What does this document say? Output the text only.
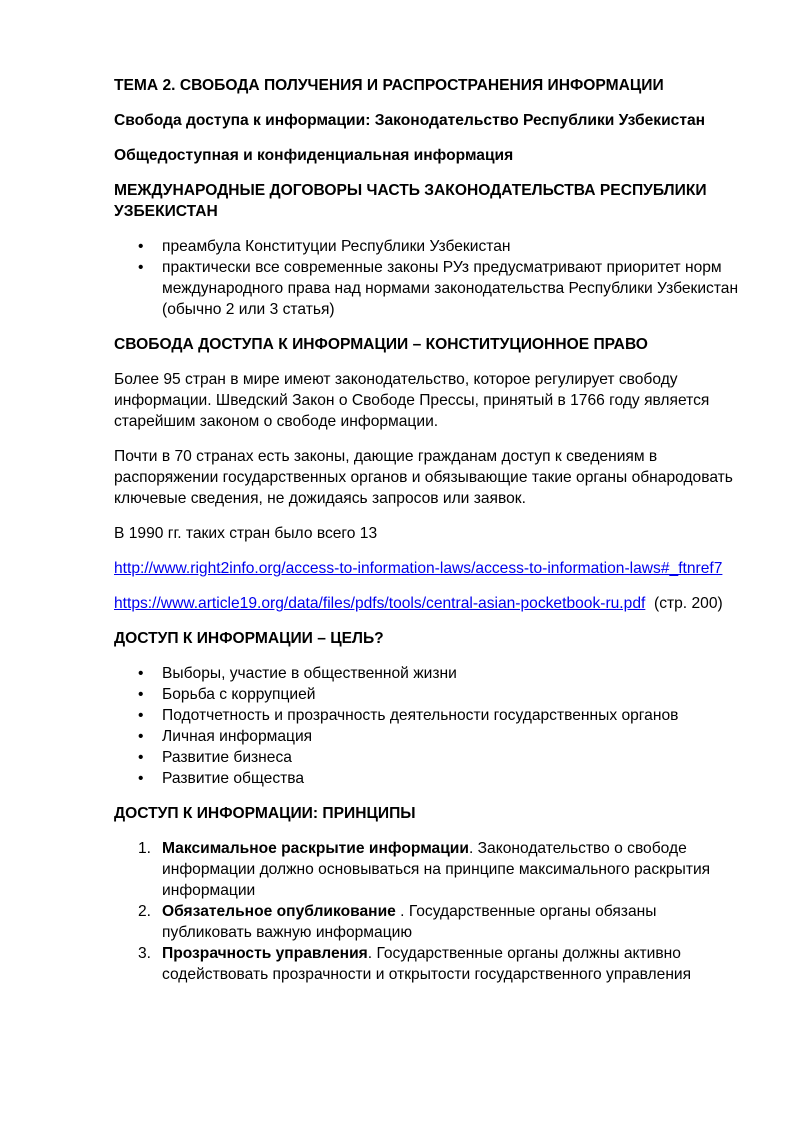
ТЕМА 2. СВОБОДА ПОЛУЧЕНИЯ И РАСПРОСТРАНЕНИЯ ИНФОРМАЦИИ
Свобода доступа к информации: Законодательство Республики Узбекистан
Общедоступная и конфиденциальная информация
МЕЖДУНАРОДНЫЕ ДОГОВОРЫ ЧАСТЬ ЗАКОНОДАТЕЛЬСТВА РЕСПУБЛИКИ УЗБЕКИСТАН
• преамбула Конституции Республики Узбекистан
• практически все современные законы РУз предусматривают приоритет норм международного права над нормами законодательства Республики Узбекистан (обычно 2 или 3 статья)
СВОБОДА ДОСТУПА К ИНФОРМАЦИИ – КОНСТИТУЦИОННОЕ ПРАВО
Более 95 стран в мире имеют законодательство, которое регулирует свободу информации. Шведский Закон о Свободе Прессы, принятый в 1766 году является старейшим законом о свободе информации.
Почти в 70 странах есть законы, дающие гражданам доступ к сведениям в распоряжении государственных органов и обязывающие такие органы обнародовать ключевые сведения, не дожидаясь запросов или заявок.
В 1990 гг. таких стран было всего 13
http://www.right2info.org/access-to-information-laws/access-to-information-laws#_ftnref7
https://www.article19.org/data/files/pdfs/tools/central-asian-pocketbook-ru.pdf (стр. 200)
ДОСТУП К ИНФОРМАЦИИ – ЦЕЛЬ?
• Выборы, участие в общественной жизни
• Борьба с коррупцией
• Подотчетность и прозрачность деятельности государственных органов
• Личная информация
• Развитие бизнеса
• Развитие общества
ДОСТУП К ИНФОРМАЦИИ: ПРИНЦИПЫ
1. Максимальное раскрытие информации. Законодательство о свободе информации должно основываться на принципе максимального раскрытия информации
2. Обязательное опубликование . Государственные органы обязаны публиковать важную информацию
3. Прозрачность управления. Государственные органы должны активно содействовать прозрачности и открытости государственного управления
